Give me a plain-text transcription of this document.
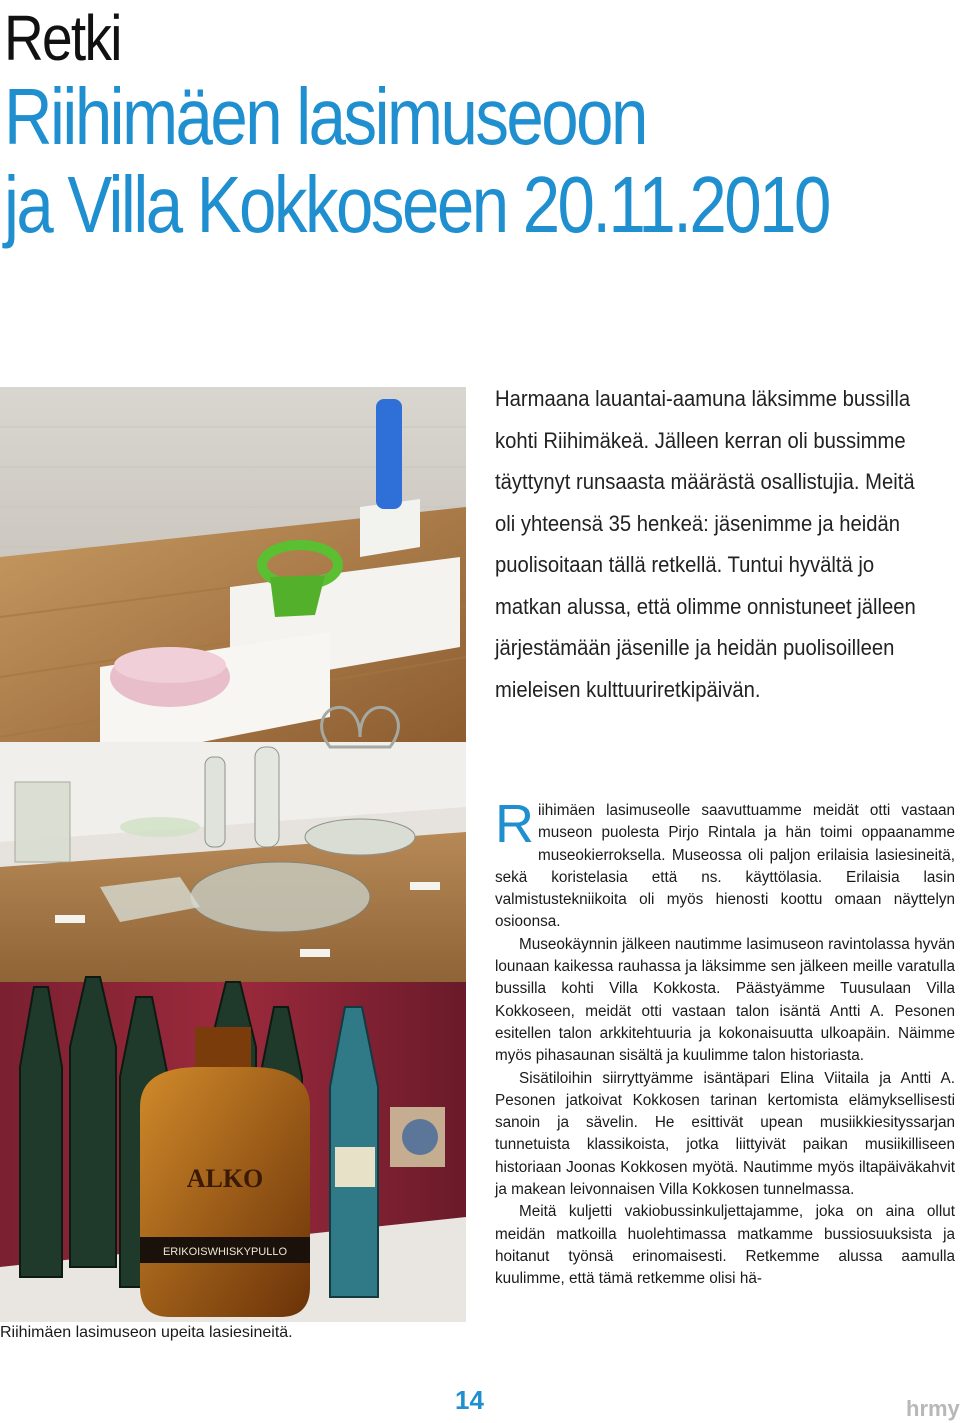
Retki
Riihimäen lasimuseoon
ja Villa Kokkoseen 20.11.2010
ALKO
ERIKOISWHISKYPULLO
Riihimäen lasimuseon upeita lasiesineitä.

Harmaana lauantai-aamuna läksimme bussilla kohti Riihimäkeä. Jälleen kerran oli bussimme täyttynyt runsaasta määrästä osallistujia. Meitä oli yhteensä 35 henkeä: jäsenimme ja heidän puolisoitaan tällä retkellä. Tuntui hyvältä jo matkan alussa, että olimme onnistuneet jälleen järjestämään jäsenille ja heidän puolisoilleen mieleisen kulttuuriretkipäivän.

Riihimäen lasimuseolle saavuttuamme meidät otti vastaan museon puolesta Pirjo Rintala ja hän toimi oppaanamme museokierroksella. Museossa oli paljon erilaisia lasiesineitä, sekä koristelasia että ns. käyttölasia. Erilaisia lasin valmistustekniikoita oli myös hienosti koottu omaan näyttelyn osioonsa.

Museokäynnin jälkeen nautimme lasimuseon ravintolassa hyvän lounaan kaikessa rauhassa ja läksimme sen jälkeen meille varatulla bussilla kohti Villa Kokkosta. Päästyämme Tuusulaan Villa Kokkoseen, meidät otti vastaan talon isäntä Antti A. Pesonen esitellen talon arkkitehtuuria ja kokonaisuutta ulkoapäin. Näimme myös pihasaunan sisältä ja kuulimme talon historiasta.

Sisätiloihin siirryttyämme isäntäpari Elina Viitaila ja Antti A. Pesonen jatkoivat Kokkosen tarinan kertomista elämyksellisesti sanoin ja sävelin. He esittivät upean musiikkiesityssarjan tunnetuista klassikoista, jotka liittyivät paikan musiikilliseen historiaan Joonas Kokkosen myötä. Nautimme myös iltapäiväkahvit ja makean leivonnaisen Villa Kokkosen tunnelmassa.

Meitä kuljetti vakiobussinkuljettajamme, joka on aina ollut meidän matkoilla huolehtimassa matkamme bussiosuuksista ja hoitanut työnsä erinomaisesti. Retkemme alussa aamulla kuulimme, että tämä retkemme olisi hä-

14	hrmy
